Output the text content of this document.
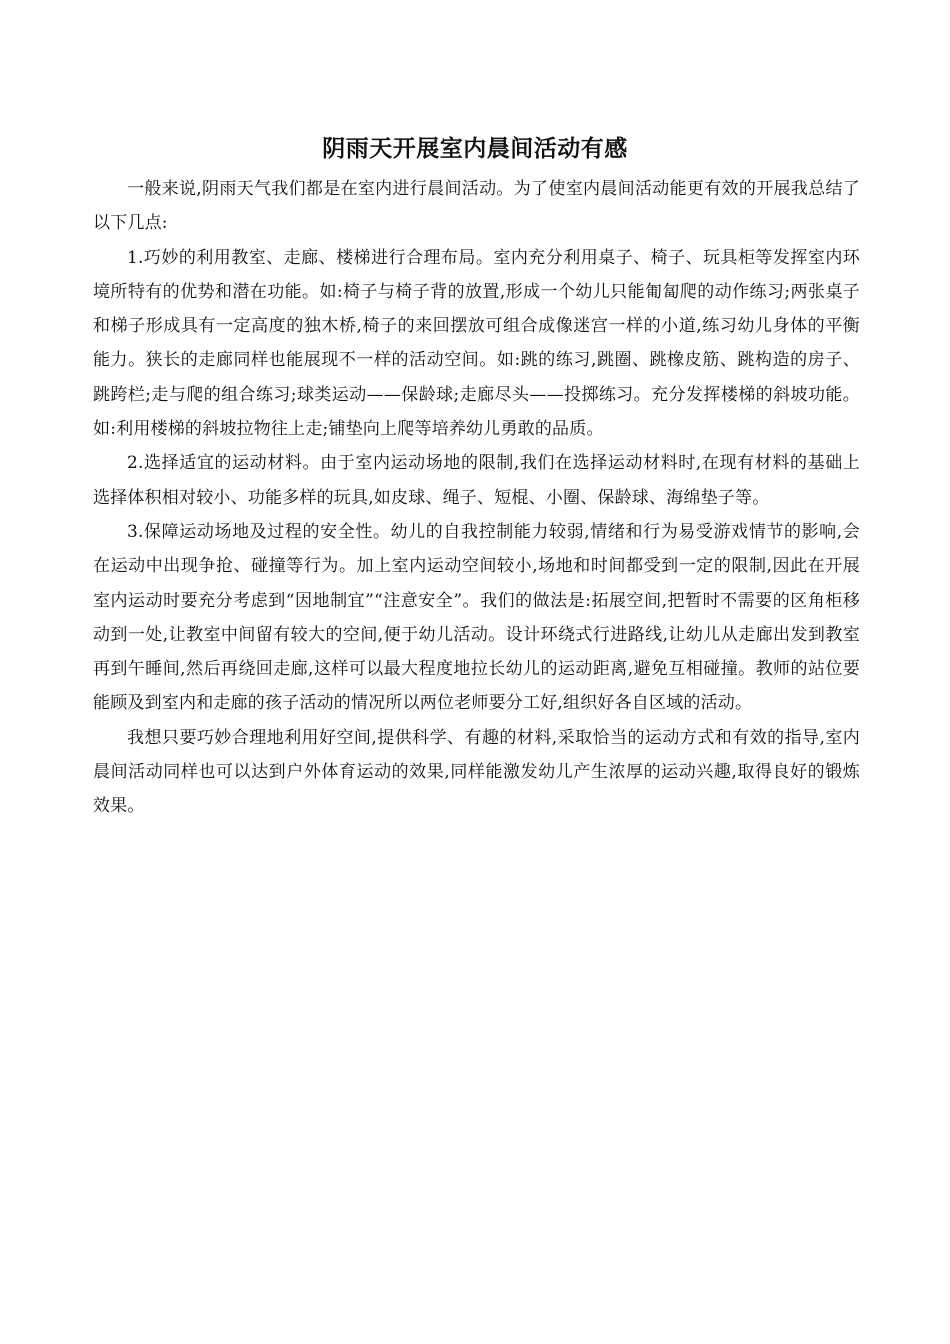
阴雨天开展室内晨间活动有感

一般来说,阴雨天气我们都是在室内进行晨间活动。为了使室内晨间活动能更有效的开展我总结了以下几点:

1.巧妙的利用教室、走廊、楼梯进行合理布局。室内充分利用桌子、椅子、玩具柜等发挥室内环境所特有的优势和潜在功能。如:椅子与椅子背的放置,形成一个幼儿只能匍匐爬的动作练习;两张桌子和梯子形成具有一定高度的独木桥,椅子的来回摆放可组合成像迷宫一样的小道,练习幼儿身体的平衡能力。狭长的走廊同样也能展现不一样的活动空间。如:跳的练习,跳圈、跳橡皮筋、跳构造的房子、跳跨栏;走与爬的组合练习;球类运动——保龄球;走廊尽头——投掷练习。充分发挥楼梯的斜坡功能。如:利用楼梯的斜坡拉物往上走;铺垫向上爬等培养幼儿勇敢的品质。

2.选择适宜的运动材料。由于室内运动场地的限制,我们在选择运动材料时,在现有材料的基础上选择体积相对较小、功能多样的玩具,如皮球、绳子、短棍、小圈、保龄球、海绵垫子等。

3.保障运动场地及过程的安全性。幼儿的自我控制能力较弱,情绪和行为易受游戏情节的影响,会在运动中出现争抢、碰撞等行为。加上室内运动空间较小,场地和时间都受到一定的限制,因此在开展室内运动时要充分考虑到“因地制宜”“注意安全”。我们的做法是:拓展空间,把暂时不需要的区角柜移动到一处,让教室中间留有较大的空间,便于幼儿活动。设计环绕式行进路线,让幼儿从走廊出发到教室再到午睡间,然后再绕回走廊,这样可以最大程度地拉长幼儿的运动距离,避免互相碰撞。教师的站位要能顾及到室内和走廊的孩子活动的情况所以两位老师要分工好,组织好各自区域的活动。

我想只要巧妙合理地利用好空间,提供科学、有趣的材料,采取恰当的运动方式和有效的指导,室内晨间活动同样也可以达到户外体育运动的效果,同样能激发幼儿产生浓厚的运动兴趣,取得良好的锻炼效果。
